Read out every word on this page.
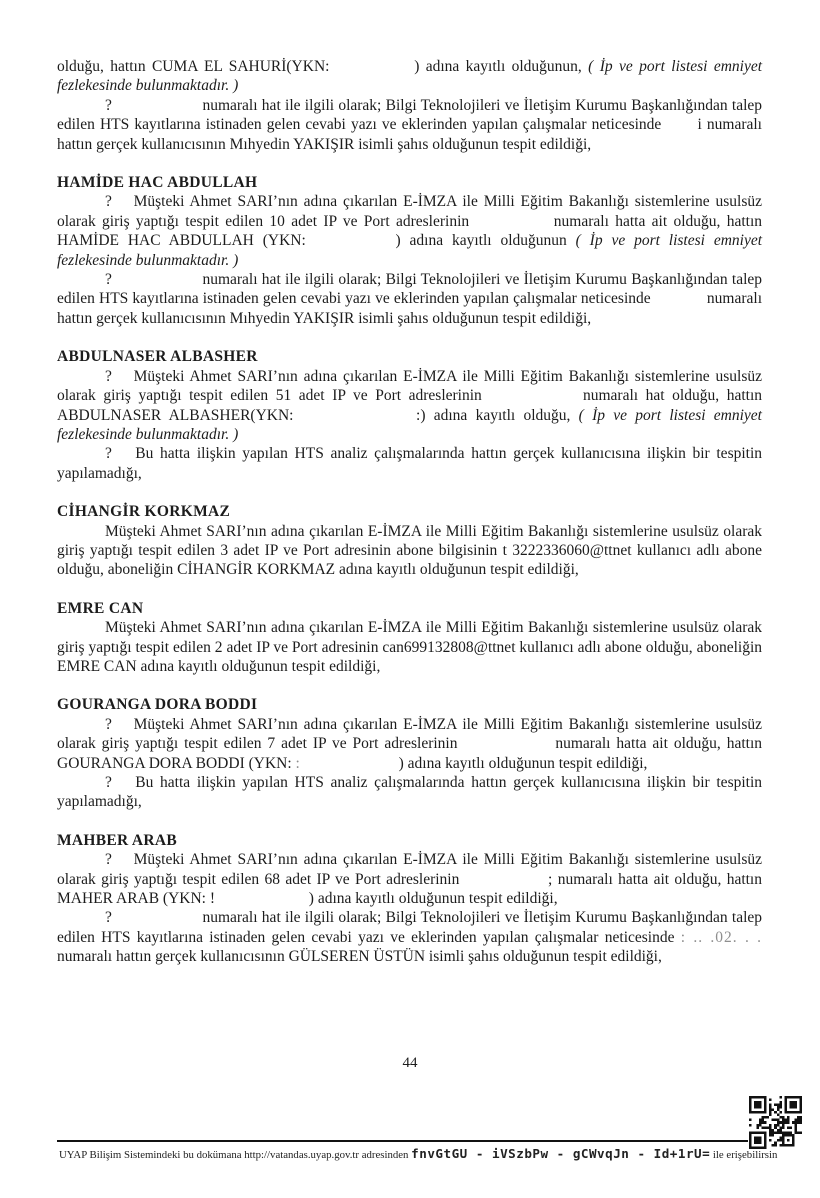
olduğu, hattın CUMA EL SAHURİ(YKN:	) adına kayıtlı olduğunun, ( İp ve port listesi emniyet fezlekesinde bulunmaktadır. )

?	numaralı hat ile ilgili olarak; Bilgi Teknolojileri ve İletişim Kurumu Başkanlığından talep edilen HTS kayıtlarına istinaden gelen cevabi yazı ve eklerinden yapılan çalışmalar neticesinde i numaralı hattın gerçek kullanıcısının Mıhyedin YAKIŞIR isimli şahıs olduğunun tespit edildiği,

HAMİDE HAC ABDULLAH

? Müşteki Ahmet SARI’nın adına çıkarılan E-İMZA ile Milli Eğitim Bakanlığı sistemlerine usulsüz olarak giriş yaptığı tespit edilen 10 adet IP ve Port adreslerinin	numaralı hatta ait olduğu, hattın HAMİDE HAC ABDULLAH (YKN:	) adına kayıtlı olduğunun ( İp ve port listesi emniyet fezlekesinde bulunmaktadır. )

?	numaralı hat ile ilgili olarak; Bilgi Teknolojileri ve İletişim Kurumu Başkanlığından talep edilen HTS kayıtlarına istinaden gelen cevabi yazı ve eklerinden yapılan çalışmalar neticesinde	numaralı hattın gerçek kullanıcısının Mıhyedin YAKIŞIR isimli şahıs olduğunun tespit edildiği,

ABDULNASER ALBASHER

? Müşteki Ahmet SARI’nın adına çıkarılan E-İMZA ile Milli Eğitim Bakanlığı sistemlerine usulsüz olarak giriş yaptığı tespit edilen 51 adet IP ve Port adreslerinin	numaralı hat olduğu, hattın ABDULNASER ALBASHER(YKN:	:) adına kayıtlı olduğu, ( İp ve port listesi emniyet fezlekesinde bulunmaktadır. )

? Bu hatta ilişkin yapılan HTS analiz çalışmalarında hattın gerçek kullanıcısına ilişkin bir tespitin yapılamadığı,

CİHANGİR KORKMAZ

Müşteki Ahmet SARI’nın adına çıkarılan E-İMZA ile Milli Eğitim Bakanlığı sistemlerine usulsüz olarak giriş yaptığı tespit edilen 3 adet IP ve Port adresinin abone bilgisinin t 3222336060@ttnet kullanıcı adlı abone olduğu, aboneliğin CİHANGİR KORKMAZ adına kayıtlı olduğunun tespit edildiği,

EMRE CAN

Müşteki Ahmet SARI’nın adına çıkarılan E-İMZA ile Milli Eğitim Bakanlığı sistemlerine usulsüz olarak giriş yaptığı tespit edilen 2 adet IP ve Port adresinin can699132808@ttnet kullanıcı adlı abone olduğu, aboneliğin EMRE CAN adına kayıtlı olduğunun tespit edildiği,

GOURANGA DORA BODDI

? Müşteki Ahmet SARI’nın adına çıkarılan E-İMZA ile Milli Eğitim Bakanlığı sistemlerine usulsüz olarak giriş yaptığı tespit edilen 7 adet IP ve Port adreslerinin	numaralı hatta ait olduğu, hattın GOURANGA DORA BODDI (YKN: :	) adına kayıtlı olduğunun tespit edildiği,

? Bu hatta ilişkin yapılan HTS analiz çalışmalarında hattın gerçek kullanıcısına ilişkin bir tespitin yapılamadığı,

MAHBER ARAB

? Müşteki Ahmet SARI’nın adına çıkarılan E-İMZA ile Milli Eğitim Bakanlığı sistemlerine usulsüz olarak giriş yaptığı tespit edilen 68 adet IP ve Port adreslerinin	; numaralı hatta ait olduğu, hattın MAHER ARAB (YKN: !	) adına kayıtlı olduğunun tespit edildiği,

?	numaralı hat ile ilgili olarak; Bilgi Teknolojileri ve İletişim Kurumu Başkanlığından talep edilen HTS kayıtlarına istinaden gelen cevabi yazı ve eklerinden yapılan çalışmalar neticesinde : .. .02. . . numaralı hattın gerçek kullanıcısının GÜLSEREN ÜSTÜN isimli şahıs olduğunun tespit edildiği,

44
UYAP Bilişim Sistemindeki bu dokümana http://vatandas.uyap.gov.tr adresinden fnvGtGU - iVSzbPw - gCWvqJn - Id+1rU= ile erişebilirsin
